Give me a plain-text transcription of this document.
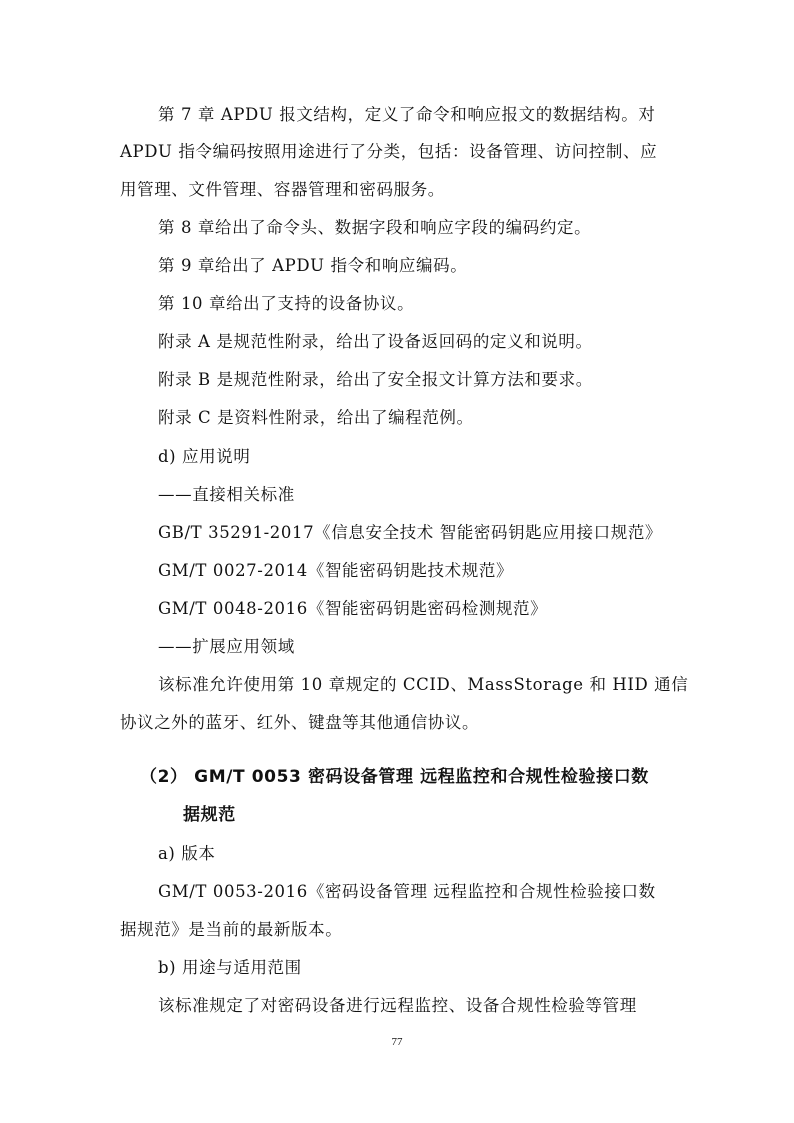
第 7 章 APDU 报文结构，定义了命令和响应报文的数据结构。对
APDU 指令编码按照用途进行了分类，包括：设备管理、访问控制、应
用管理、文件管理、容器管理和密码服务。
第 8 章给出了命令头、数据字段和响应字段的编码约定。
第 9 章给出了 APDU 指令和响应编码。
第 10 章给出了支持的设备协议。
附录 A 是规范性附录，给出了设备返回码的定义和说明。
附录 B 是规范性附录，给出了安全报文计算方法和要求。
附录 C 是资料性附录，给出了编程范例。
d) 应用说明
——直接相关标准
GB/T 35291-2017《信息安全技术 智能密码钥匙应用接口规范》
GM/T 0027-2014《智能密码钥匙技术规范》
GM/T 0048-2016《智能密码钥匙密码检测规范》
——扩展应用领域
该标准允许使用第 10 章规定的 CCID、MassStorage 和 HID 通信
协议之外的蓝牙、红外、键盘等其他通信协议。
（2） GM/T 0053 密码设备管理 远程监控和合规性检验接口数
据规范
a) 版本
GM/T 0053-2016《密码设备管理 远程监控和合规性检验接口数
据规范》是当前的最新版本。
b) 用途与适用范围
该标准规定了对密码设备进行远程监控、设备合规性检验等管理
77
